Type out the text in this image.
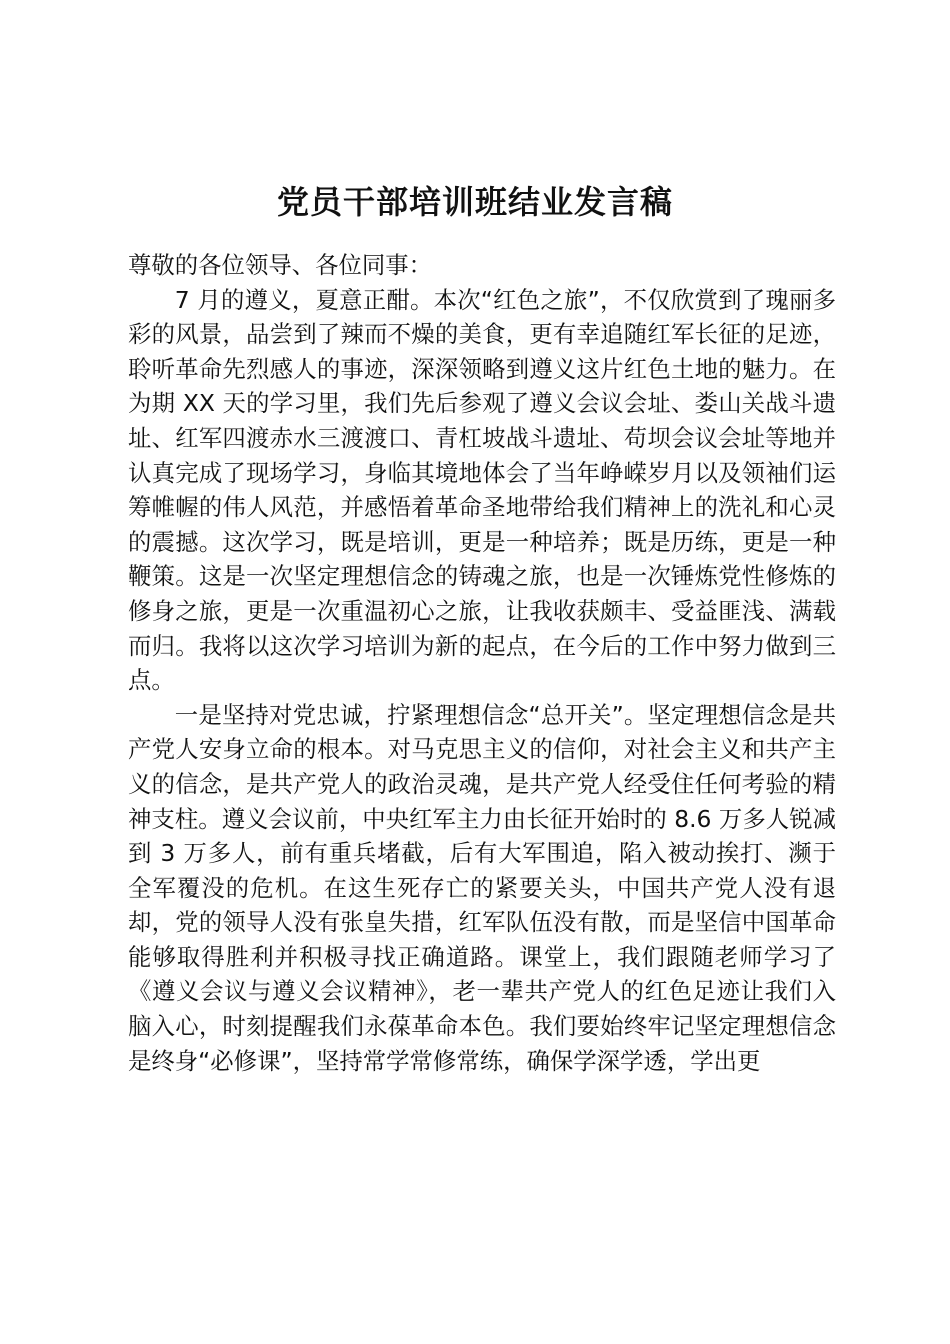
党员干部培训班结业发言稿

尊敬的各位领导、各位同事：

7 月的遵义，夏意正酣。本次“红色之旅”，不仅欣赏到了瑰丽多彩的风景，品尝到了辣而不燥的美食，更有幸追随红军长征的足迹，聆听革命先烈感人的事迹，深深领略到遵义这片红色土地的魅力。在为期 XX 天的学习里，我们先后参观了遵义会议会址、娄山关战斗遗址、红军四渡赤水三渡渡口、青杠坡战斗遗址、苟坝会议会址等地并认真完成了现场学习，身临其境地体会了当年峥嵘岁月以及领袖们运筹帷幄的伟人风范，并感悟着革命圣地带给我们精神上的洗礼和心灵的震撼。这次学习，既是培训，更是一种培养；既是历练，更是一种鞭策。这是一次坚定理想信念的铸魂之旅，也是一次锤炼党性修炼的修身之旅，更是一次重温初心之旅，让我收获颇丰、受益匪浅、满载而归。我将以这次学习培训为新的起点，在今后的工作中努力做到三点。

一是坚持对党忠诚，拧紧理想信念“总开关”。坚定理想信念是共产党人安身立命的根本。对马克思主义的信仰，对社会主义和共产主义的信念，是共产党人的政治灵魂，是共产党人经受住任何考验的精神支柱。遵义会议前，中央红军主力由长征开始时的 8.6 万多人锐减到 3 万多人，前有重兵堵截，后有大军围追，陷入被动挨打、濒于全军覆没的危机。在这生死存亡的紧要关头，中国共产党人没有退却，党的领导人没有张皇失措，红军队伍没有散，而是坚信中国革命能够取得胜利并积极寻找正确道路。课堂上，我们跟随老师学习了《遵义会议与遵义会议精神》，老一辈共产党人的红色足迹让我们入脑入心，时刻提醒我们永葆革命本色。我们要始终牢记坚定理想信念是终身“必修课”，坚持常学常修常练，确保学深学透，学出更
